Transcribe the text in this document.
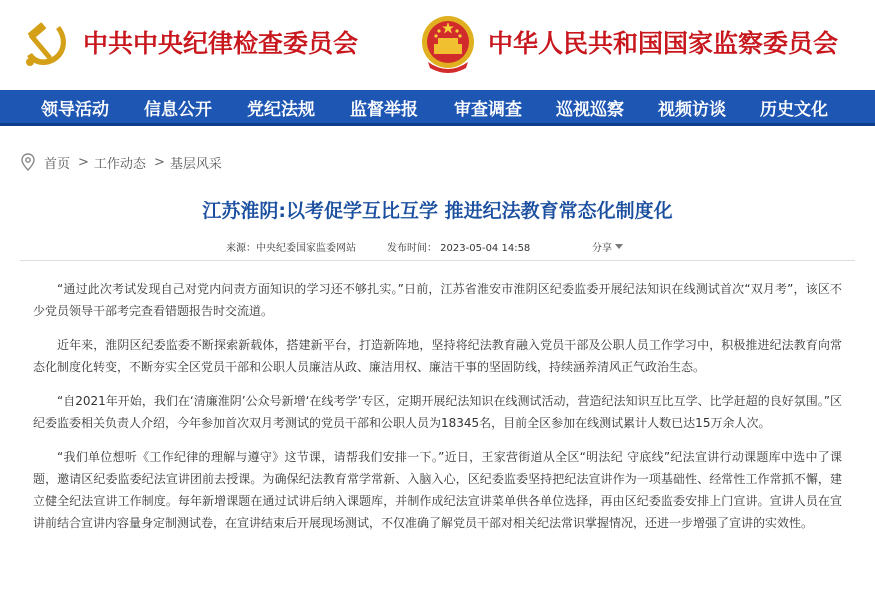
中共中央纪律检查委员会	中华人民共和国国家监察委员会
领导活动 信息公开 党纪法规 监督举报 审查调查 巡视巡察 视频访谈 历史文化
首页 > 工作动态 > 基层风采
江苏淮阴:以考促学互比互学 推进纪法教育常态化制度化
来源：中央纪委国家监委网站	发布时间： 2023-05-04 14:58	分享

“通过此次考试发现自己对党内问责方面知识的学习还不够扎实。”日前，江苏省淮安市淮阴区纪委监委开展纪法知识在线测试首次“双月考”，该区不少党员领导干部考完查看错题报告时交流道。

近年来，淮阴区纪委监委不断探索新载体，搭建新平台，打造新阵地，坚持将纪法教育融入党员干部及公职人员工作学习中，积极推进纪法教育向常态化制度化转变，不断夯实全区党员干部和公职人员廉洁从政、廉洁用权、廉洁干事的坚固防线，持续涵养清风正气政治生态。

“自2021年开始，我们在‘清廉淮阴’公众号新增‘在线考学’专区，定期开展纪法知识在线测试活动，营造纪法知识互比互学、比学赶超的良好氛围。”区纪委监委相关负责人介绍，今年参加首次双月考测试的党员干部和公职人员为18345名，目前全区参加在线测试累计人数已达15万余人次。

“我们单位想听《工作纪律的理解与遵守》这节课，请帮我们安排一下。”近日，王家营街道从全区“明法纪 守底线”纪法宣讲行动课题库中选中了课题，邀请区纪委监委纪法宣讲团前去授课。为确保纪法教育常学常新、入脑入心，区纪委监委坚持把纪法宣讲作为一项基础性、经常性工作常抓不懈，建立健全纪法宣讲工作制度。每年新增课题在通过试讲后纳入课题库，并制作成纪法宣讲菜单供各单位选择，再由区纪委监委安排上门宣讲。宣讲人员在宣讲前结合宣讲内容量身定制测试卷，在宣讲结束后开展现场测试，不仅准确了解党员干部对相关纪法常识掌握情况，还进一步增强了宣讲的实效性。
